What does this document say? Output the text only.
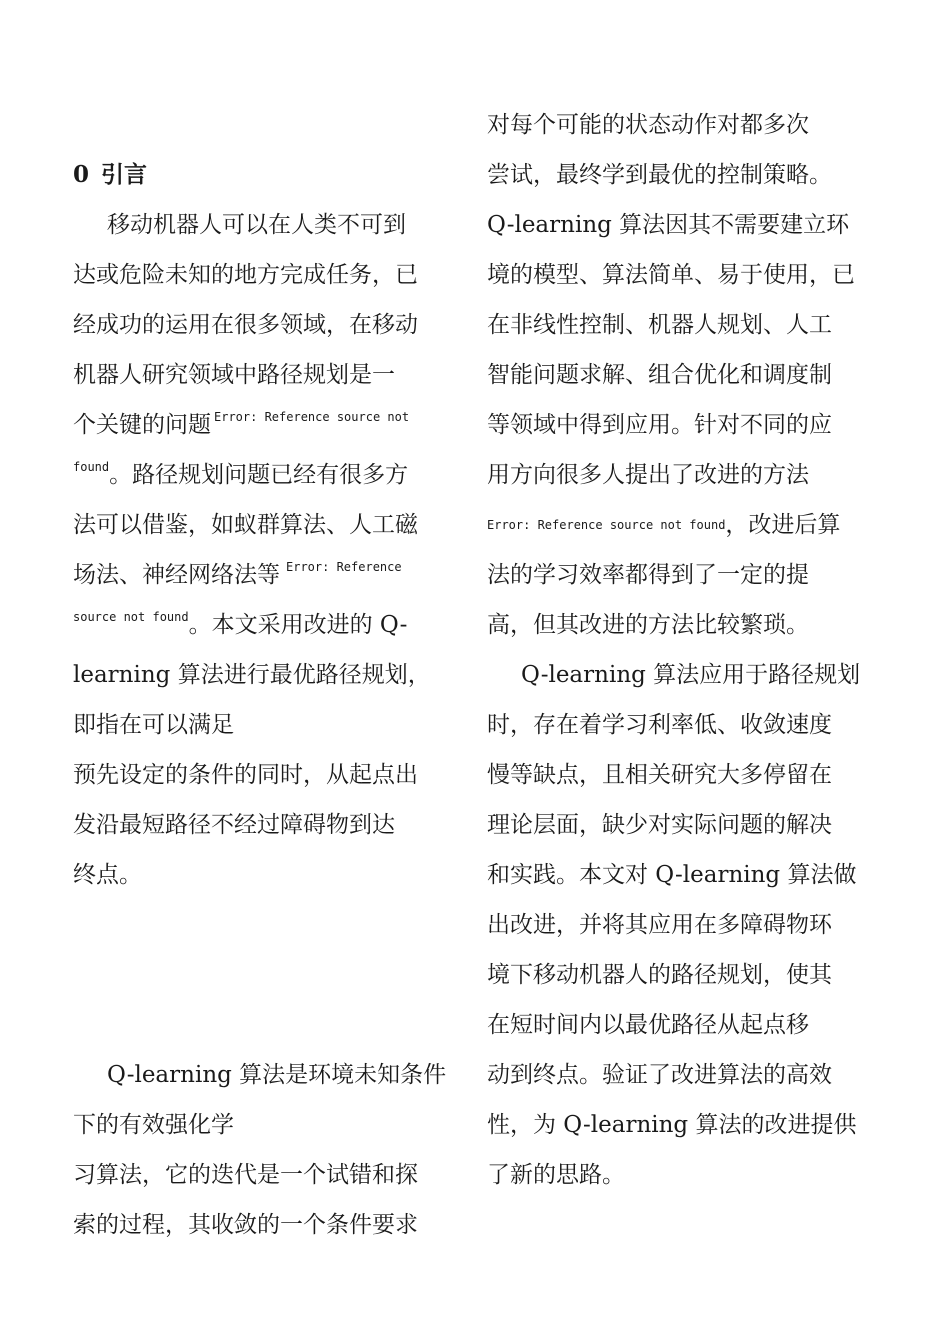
0 引言
移动机器人可以在人类不可到
达或危险未知的地方完成任务，已
经成功的运用在很多领域，在移动
机器人研究领域中路径规划是一
个关键的问题 Error: Reference source not
found 。路径规划问题已经有很多方
法可以借鉴，如蚁群算法、人工磁
场法、神经网络法等 Error: Reference
source not found 。本文采用改进的 Q-
learning 算法进行最优路径规划，
即指在可以满足
预先设定的条件的同时，从起点出
发沿最短路径不经过障碍物到达
终点。
Q-learning 算法是环境未知条件
下的有效强化学
习算法，它的迭代是一个试错和探
索的过程，其收敛的一个条件要求
对每个可能的状态动作对都多次
尝试，最终学到最优的控制策略。
Q-learning 算法因其不需要建立环
境的模型、算法简单、易于使用，已
在非线性控制、机器人规划、人工
智能问题求解、组合优化和调度制
等领域中得到应用。针对不同的应
用方向很多人提出了改进的方法
Error: Reference source not found ，改进后算
法的学习效率都得到了一定的提
高，但其改进的方法比较繁琐。
Q-learning 算法应用于路径规划
时，存在着学习利率低、收敛速度
慢等缺点，且相关研究大多停留在
理论层面，缺少对实际问题的解决
和实践。本文对 Q-learning 算法做
出改进，并将其应用在多障碍物环
境下移动机器人的路径规划，使其
在短时间内以最优路径从起点移
动到终点。验证了改进算法的高效
性，为 Q-learning 算法的改进提供
了新的思路。
